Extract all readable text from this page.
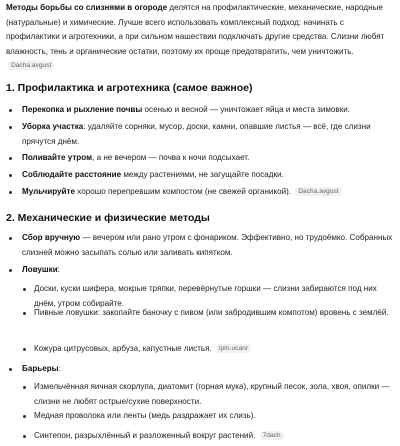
Методы борьбы со слизнями в огороде делятся на профилактические, механические, народные (натуральные) и химические. Лучше всего использовать комплексный подход: начинать с профилактики и агротехники, а при сильном нашествии подключать другие средства. Слизни любят влажность, тень и органические остатки, поэтому их проще предотвратить, чем уничтожить. Dacha.avgust
1. Профилактика и агротехника (самое важное)
Перекопка и рыхление почвы осенью и весной — уничтожает яйца и места зимовки.
Уборка участка: удаляйте сорняки, мусор, доски, камни, опавшие листья — всё, где слизни прячутся днём.
Поливайте утром, а не вечером — почва к ночи подсыхает.
Соблюдайте расстояние между растениями, не загущайте посадки.
Мульчируйте хорошо перепревшим компостом (не свежей органикой). Dacha.avgust
2. Механические и физические методы
Сбор вручную — вечером или рано утром с фонариком. Эффективно, но трудоёмко. Собранных слизней можно засыпать солью или заливать кипятком.
Ловушки:
Доски, куски шифера, мокрые тряпки, перевёрнутые горшки — слизни забираются под них днём, утром собирайте.
Пивные ловушки: закопайте баночку с пивом (или забродившим компотом) вровень с землёй.
Кожура цитрусовых, арбуза, капустные листья. lpm.ucanr
Барьеры:
Измельчённая яичная скорлупа, диатомит (горная мука), крупный песок, зола, хвоя, опилки — слизни не любят острые/сухие поверхности.
Медная проволока или ленты (медь раздражает их слизь).
Синтепон, разрыхлённый и разложенный вокруг растений. 7dach
